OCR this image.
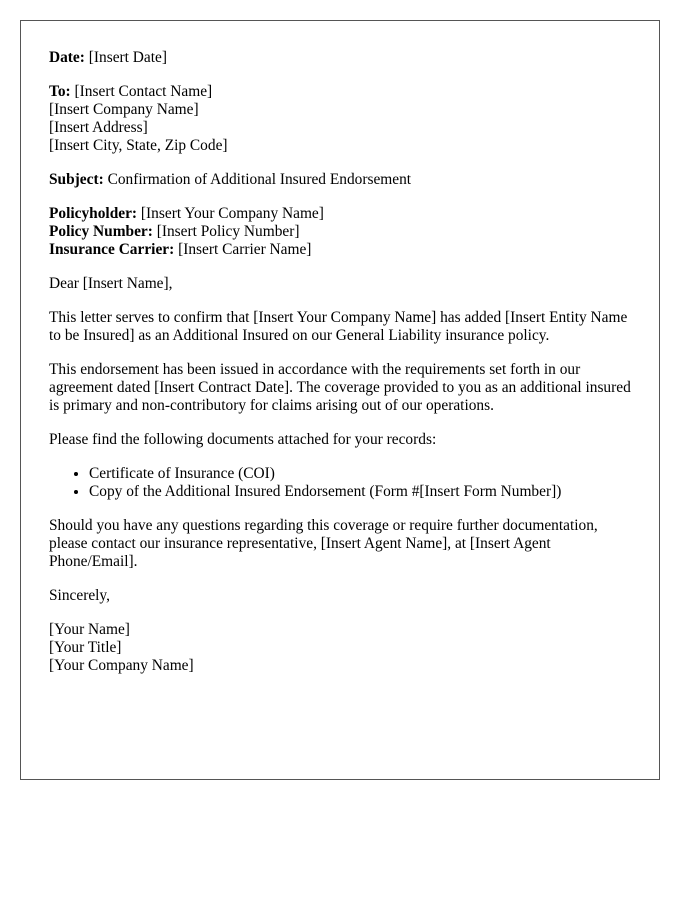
Date: [Insert Date]
To: [Insert Contact Name]
[Insert Company Name]
[Insert Address]
[Insert City, State, Zip Code]
Subject: Confirmation of Additional Insured Endorsement
Policyholder: [Insert Your Company Name]
Policy Number: [Insert Policy Number]
Insurance Carrier: [Insert Carrier Name]

Dear [Insert Name],

This letter serves to confirm that [Insert Your Company Name] has added [Insert Entity Name to be Insured] as an Additional Insured on our General Liability insurance policy.

This endorsement has been issued in accordance with the requirements set forth in our agreement dated [Insert Contract Date]. The coverage provided to you as an additional insured is primary and non-contributory for claims arising out of our operations.

Please find the following documents attached for your records:

• Certificate of Insurance (COI)
• Copy of the Additional Insured Endorsement (Form #[Insert Form Number])

Should you have any questions regarding this coverage or require further documentation, please contact our insurance representative, [Insert Agent Name], at [Insert Agent Phone/Email].

Sincerely,

[Your Name]
[Your Title]
[Your Company Name]
